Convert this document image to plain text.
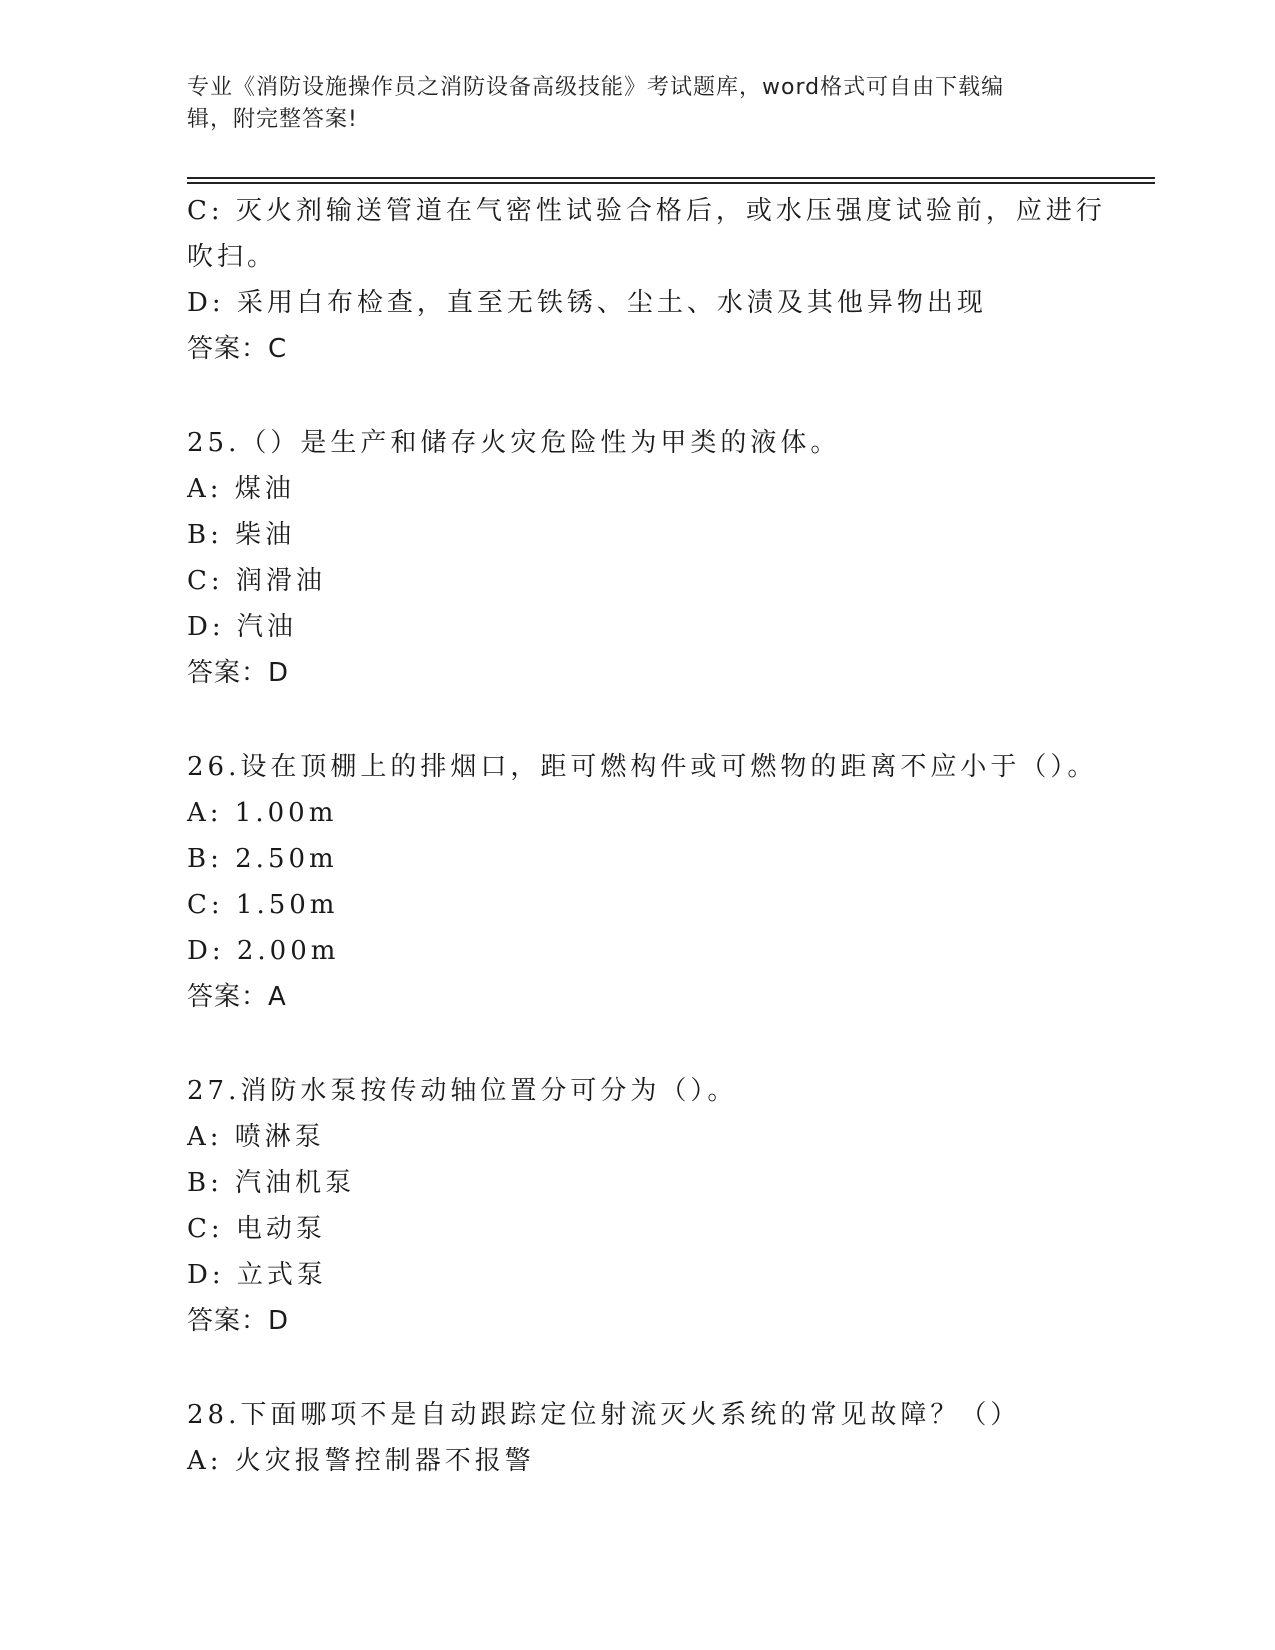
专业《消防设施操作员之消防设备高级技能》考试题库，word格式可自由下载编
辑，附完整答案!

C: 灭火剂输送管道在气密性试验合格后，或水压强度试验前，应进行

吹扫。

D: 采用白布检查，直至无铁锈、尘土、水渍及其他异物出现

答案：C

25.（）是生产和储存火灾危险性为甲类的液体。

A: 煤油

B: 柴油

C: 润滑油

D: 汽油

答案：D

26.设在顶棚上的排烟口，距可燃构件或可燃物的距离不应小于（）。

A: 1.00m

B: 2.50m

C: 1.50m

D: 2.00m

答案：A

27.消防水泵按传动轴位置分可分为（）。

A: 喷淋泵

B: 汽油机泵

C: 电动泵

D: 立式泵

答案：D

28.下面哪项不是自动跟踪定位射流灭火系统的常见故障？（）

A: 火灾报警控制器不报警
